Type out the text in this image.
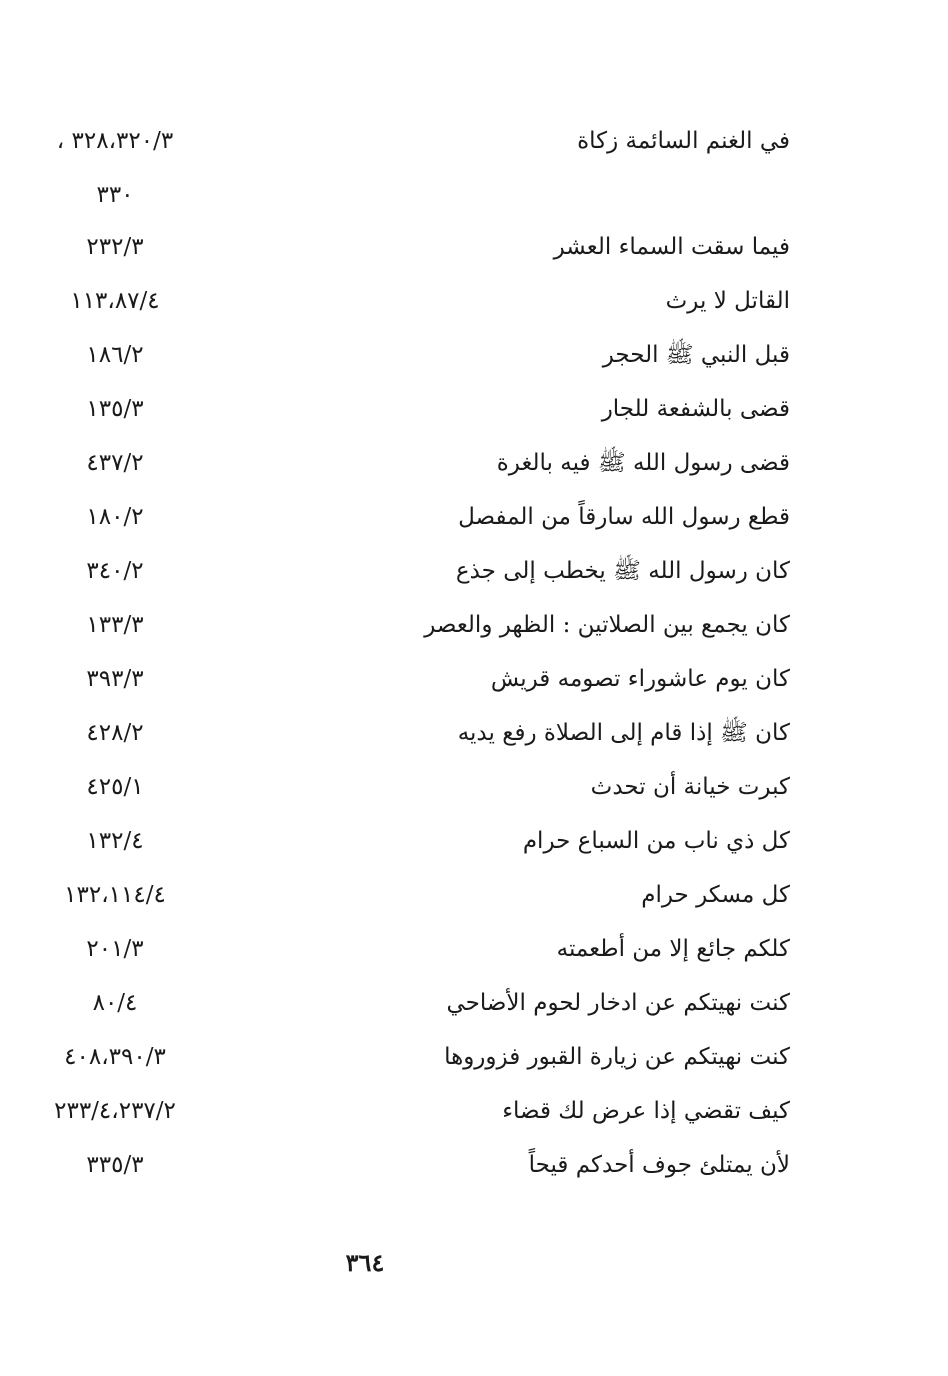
في الغنم السائمة زكاة
٣٢٨،٣٢٠/٣ ،
٣٣٠
فيما سقت السماء العشر
٢٣٢/٣
القاتل لا يرث
١١٣،٨٧/٤
قبل النبي ﷺ الحجر
١٨٦/٢
قضى بالشفعة للجار
١٣٥/٣
قضى رسول الله ﷺ فيه بالغرة
٤٣٧/٢
قطع رسول الله سارقاً من المفصل
١٨٠/٢
كان رسول الله ﷺ يخطب إلى جذع
٣٤٠/٢
كان يجمع بين الصلاتين : الظهر والعصر
١٣٣/٣
كان يوم عاشوراء تصومه قريش
٣٩٣/٣
كان ﷺ إذا قام إلى الصلاة رفع يديه
٤٢٨/٢
كبرت خيانة أن تحدث
٤٢٥/١
كل ذي ناب من السباع حرام
١٣٢/٤
كل مسكر حرام
١٣٢،١١٤/٤
كلكم جائع إلا من أطعمته
٢٠١/٣
كنت نهيتكم عن ادخار لحوم الأضاحي
٨٠/٤
كنت نهيتكم عن زيارة القبور فزوروها
٤٠٨،٣٩٠/٣
كيف تقضي إذا عرض لك قضاء
٢٣٣/٤،٢٣٧/٢
لأن يمتلئ جوف أحدكم قيحاً
٣٣٥/٣
٣٦٤
